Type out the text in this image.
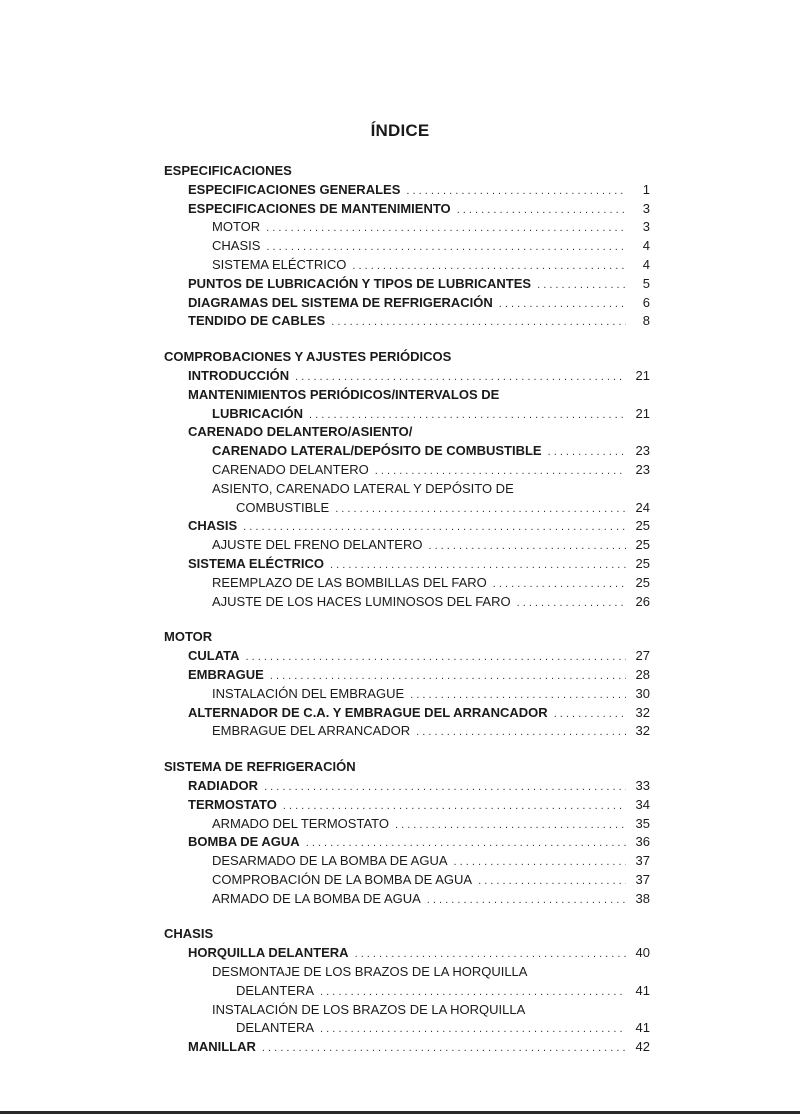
ÍNDICE
ESPECIFICACIONES
ESPECIFICACIONES GENERALES . . .	1
ESPECIFICACIONES DE MANTENIMIENTO . . .	3
MOTOR . . .	3
CHASIS . . .	4
SISTEMA ELÉCTRICO . . .	4
PUNTOS DE LUBRICACIÓN Y TIPOS DE LUBRICANTES . . .	5
DIAGRAMAS DEL SISTEMA DE REFRIGERACIÓN . . .	6
TENDIDO DE CABLES . . .	8
COMPROBACIONES Y AJUSTES PERIÓDICOS
INTRODUCCIÓN . . .	21
MANTENIMIENTOS PERIÓDICOS/INTERVALOS DE
LUBRICACIÓN . . .	21
CARENADO DELANTERO/ASIENTO/
CARENADO LATERAL/DEPÓSITO DE COMBUSTIBLE . . .	23
CARENADO DELANTERO . . .	23
ASIENTO, CARENADO LATERAL Y DEPÓSITO DE
COMBUSTIBLE . . .	24
CHASIS . . .	25
AJUSTE DEL FRENO DELANTERO . . .	25
SISTEMA ELÉCTRICO . . .	25
REEMPLAZO DE LAS BOMBILLAS DEL FARO . . .	25
AJUSTE DE LOS HACES LUMINOSOS DEL FARO . . .	26
MOTOR
CULATA . . .	27
EMBRAGUE . . .	28
INSTALACIÓN DEL EMBRAGUE . . .	30
ALTERNADOR DE C.A. Y EMBRAGUE DEL ARRANCADOR . . .	32
EMBRAGUE DEL ARRANCADOR . . .	32
SISTEMA DE REFRIGERACIÓN
RADIADOR . . .	33
TERMOSTATO . . .	34
ARMADO DEL TERMOSTATO . . .	35
BOMBA DE AGUA . . .	36
DESARMADO DE LA BOMBA DE AGUA . . .	37
COMPROBACIÓN DE LA BOMBA DE AGUA . . .	37
ARMADO DE LA BOMBA DE AGUA . . .	38
CHASIS
HORQUILLA DELANTERA . . .	40
DESMONTAJE DE LOS BRAZOS DE LA HORQUILLA
DELANTERA . . .	41
INSTALACIÓN DE LOS BRAZOS DE LA HORQUILLA
DELANTERA . . .	41
MANILLAR . . .	42
